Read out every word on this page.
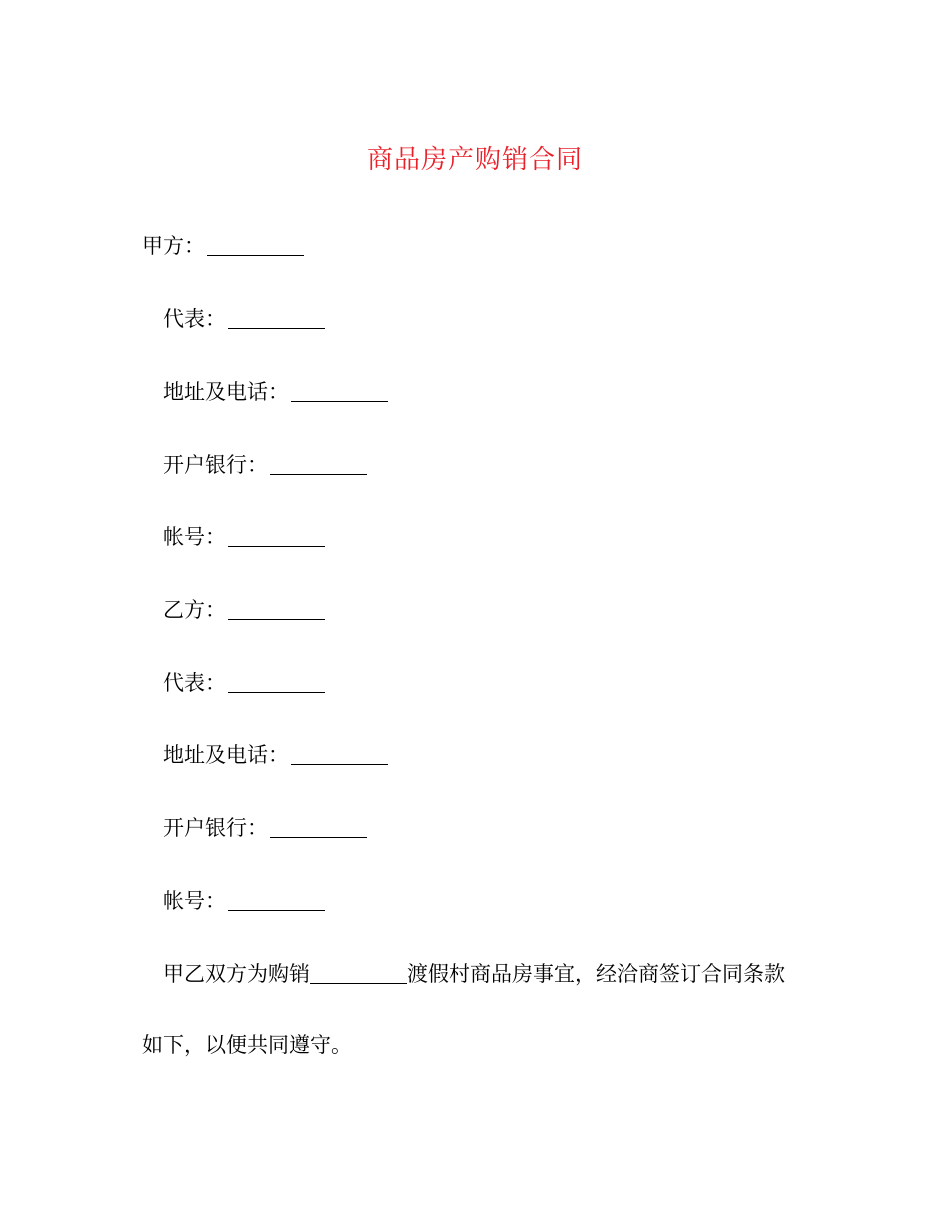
商品房产购销合同
甲方：
代表：
地址及电话：
开户银行：
帐号：
乙方：
代表：
地址及电话：
开户银行：
帐号：
甲乙双方为购销	渡假村商品房事宜，经洽商签订合同条款
如下，以便共同遵守。
